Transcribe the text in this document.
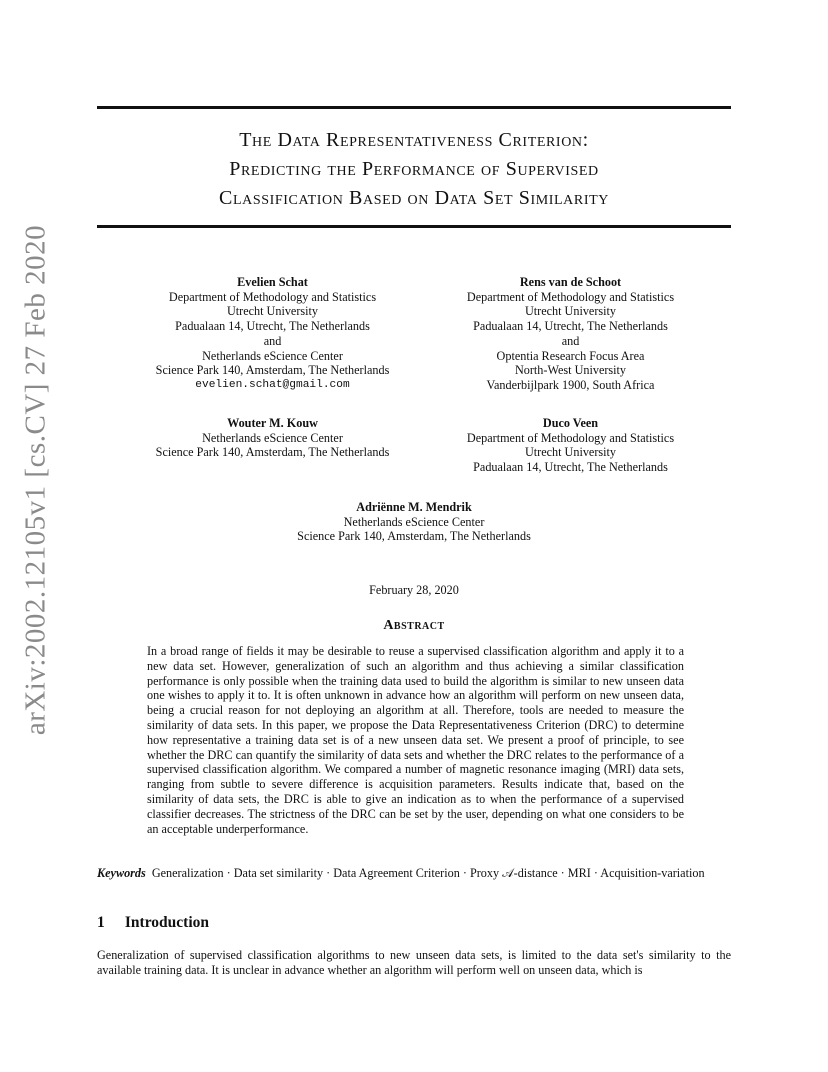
arXiv:2002.12105v1 [cs.CV] 27 Feb 2020
The Data Representativeness Criterion:
Predicting the Performance of Supervised
Classification Based on Data Set Similarity
Evelien Schat
Department of Methodology and Statistics
Utrecht University
Padualaan 14, Utrecht, The Netherlands
and
Netherlands eScience Center
Science Park 140, Amsterdam, The Netherlands
evelien.schat@gmail.com
Rens van de Schoot
Department of Methodology and Statistics
Utrecht University
Padualaan 14, Utrecht, The Netherlands
and
Optentia Research Focus Area
North-West University
Vanderbijlpark 1900, South Africa
Wouter M. Kouw
Netherlands eScience Center
Science Park 140, Amsterdam, The Netherlands
Duco Veen
Department of Methodology and Statistics
Utrecht University
Padualaan 14, Utrecht, The Netherlands
Adriënne M. Mendrik
Netherlands eScience Center
Science Park 140, Amsterdam, The Netherlands
February 28, 2020
Abstract
In a broad range of fields it may be desirable to reuse a supervised classification algorithm and apply it to a new data set. However, generalization of such an algorithm and thus achieving a similar classification performance is only possible when the training data used to build the algorithm is similar to new unseen data one wishes to apply it to. It is often unknown in advance how an algorithm will perform on new unseen data, being a crucial reason for not deploying an algorithm at all. Therefore, tools are needed to measure the similarity of data sets. In this paper, we propose the Data Representativeness Criterion (DRC) to determine how representative a training data set is of a new unseen data set. We present a proof of principle, to see whether the DRC can quantify the similarity of data sets and whether the DRC relates to the performance of a supervised classification algorithm. We compared a number of magnetic resonance imaging (MRI) data sets, ranging from subtle to severe difference is acquisition parameters. Results indicate that, based on the similarity of data sets, the DRC is able to give an indication as to when the performance of a supervised classifier decreases. The strictness of the DRC can be set by the user, depending on what one considers to be an acceptable underperformance.
Keywords Generalization · Data set similarity · Data Agreement Criterion · Proxy 𝒜-distance · MRI · Acquisition-variation
1 Introduction
Generalization of supervised classification algorithms to new unseen data sets, is limited to the data set's similarity to the available training data. It is unclear in advance whether an algorithm will perform well on unseen data, which is
